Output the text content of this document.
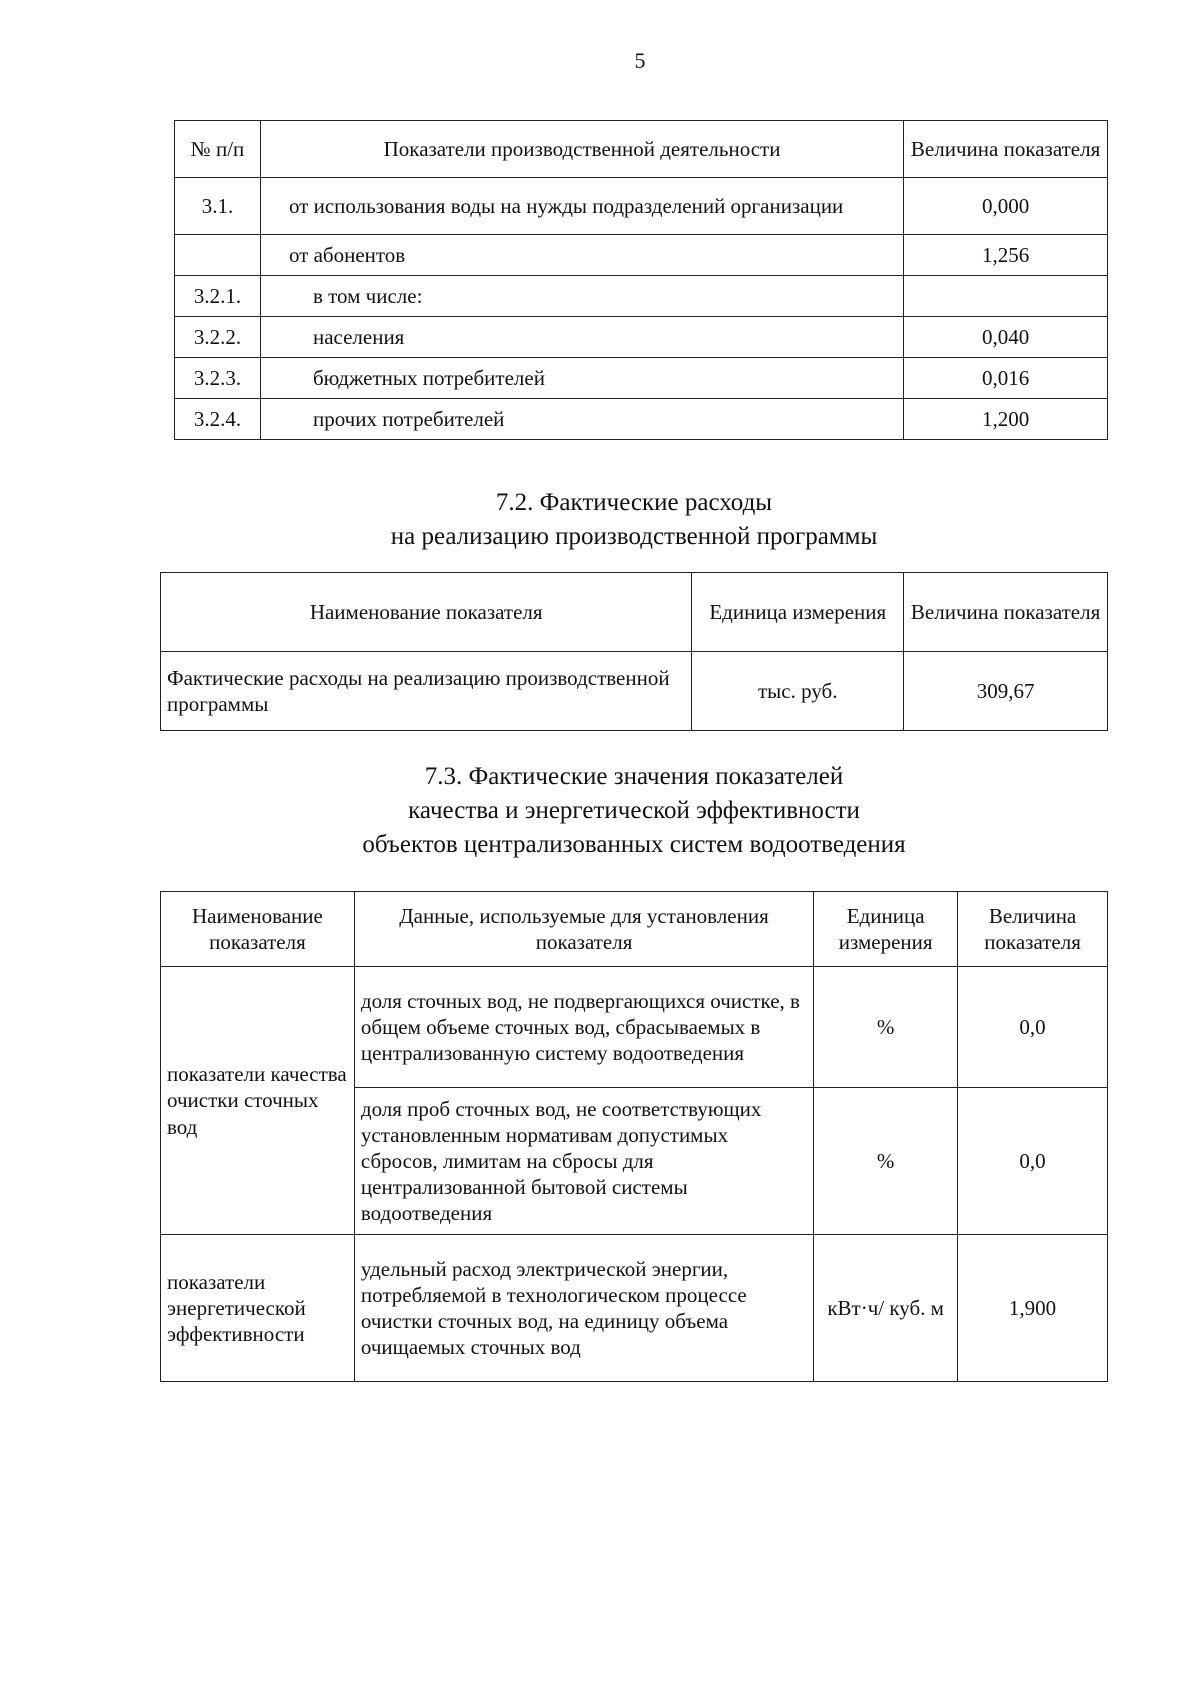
5
№ п/п	Показатели производственной деятельности	Величина показателя
3.1.	от использования воды на нужды подразделений организации	0,000
	от абонентов	1,256
3.2.1.	в том числе:	
3.2.2.	населения	0,040
3.2.3.	бюджетных потребителей	0,016
3.2.4.	прочих потребителей	1,200
7.2. Фактические расходы
на реализацию производственной программы
Наименование показателя	Единица измерения	Величина показателя
Фактические расходы на реализацию производственной программы	тыс. руб.	309,67
7.3. Фактические значения показателей
качества и энергетической эффективности
объектов централизованных систем водоотведения
Наименование показателя	Данные, используемые для установления показателя	Единица измерения	Величина показателя
показатели качества очистки сточных вод	доля сточных вод, не подвергающихся очистке, в общем объеме сточных вод, сбрасываемых в централизованную систему водоотведения	%	0,0
	доля проб сточных вод, не соответствующих установленным нормативам допустимых сбросов, лимитам на сбросы для централизованной бытовой системы водоотведения	%	0,0
показатели энергетической эффективности	удельный расход электрической энергии, потребляемой в технологическом процессе очистки сточных вод, на единицу объема очищаемых сточных вод	кВт·ч/ куб. м	1,900
